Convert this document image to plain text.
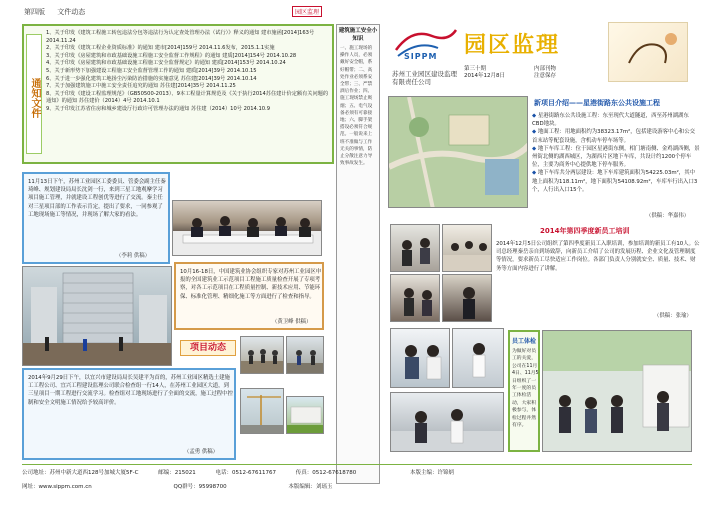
第四版 文件动态	园区监理
通知文件
1、关于印发《建筑工程施工转包违法分包等违法行为认定查处管理办法（试行）》释义的通知 建市施函[2014]163号 2014.11.24
2、关于印发《建筑工程企业资质标准》的通知 建市[2014]159号 2014.11.6发布，2015.1.1实施
3、关于印发《房屋建筑和市政基础设施工程施工安全监督工作规程》的通知 建质[2014]154号 2014.10.28
4、关于印发《房屋建筑和市政基础设施工程施工安全监督规定》的通知 建质[2014]153号 2014.10.24
5、关于新形势下加强建设工程施工安全监督管理工作的通知 建质[2014]39号 2014.10.15
6、关于进一步强化建筑工地扬尘污染防治措施的实施意见 苏住建[2014]39号 2014.10.14
7、关于加强建筑施工中施工安全责任追究的通知 苏住建[2014]35号 2014.11.25
8、关于印发《建设工程监理规范》（GB50500-2013）、9本工程量计算规范及《关于执行2014苏住建计价定额有关问题的通知》的通知 苏住建价（2014）4号 2014.10.1
9、关于印发江苏省住房和城乡建设厅行政许可管理办法的通知 苏住建（2014）10号 2014.10.9
11月13日下午，苏州工业园区工委委员、管委会副主任秦琦峰、规划建设局局长沈剑一行，来到三星工地观摩学习项目施工管理，并就建设工程创优等进行了交流。秦主任对三星项目部的工作表示肯定，提出了要求，一同参观了工地现场施工等情况，并现场了解大家的看法。
（李莉 供稿）
10月16-18日，中国建筑业协会组织专家对苏州工业园区申报的全国建筑业工示范项目工程施工质量检查开展了专项考察，对各工示范项目在工程质量控制、新技术应用、节能环保、标准化管理、精细化施工等方面进行了检查和指导。
（黄卫峰 供稿）
项目动态
2014年9月29日下午，以宜兴市建设局局长吴建平为首的，苏州工业园区精选土建施工工程公司、宜兴工程建设监理公司联合检查组一行14人，在苏州工业园区大道，到三星项目一期工程进行交流学习。检查组对工地现场进行了全面的交流，施工过程中控制和安全文明施工情况给予较高评价。
（孟勇 供稿）
建筑施工安全小知识
一、施工现场的操作人员，必须戴好安全帽，系好帽带；二、高处作业必须系安全带；三、严禁酒后作业；四、施工现场禁止吸烟；五、电气设备必须有可靠接地；六、脚手架搭设必须符合规范。一般说来上班不准做与工作无关的事情，防止分散注意力导致事故发生。
SIPPM
苏州工业园区建设监理有限责任公司
园区监理
第三十期
2014年12月8日
内部刊物
注意保存
新项目介绍——星港街路东公共设施工程
◆ 星港街路东公共设施工程：东至现代大道隧道，西至苏州湖湖东CBD地块。
◆ 地面工程：用地面积约为38323.17m²，包括建设游客中心和公交首末站等配套设施，含机动车停车场等。
◆ 地下车库工程：位于园区星港街东侧，相门塘南侧、金鸡湖西侧，景州街北侧的湖西城区，为湖西片区地下车库，共设计约1200个停车位，主要为商务中心提供地下停车服务。
◆ 地下车库共分两层建设：地下车库建筑面积为54225.03m²，其中地上面积为118.11m²，地下面积为54108.92m²，车库车行出入口3个，人行出入口15个。
（供稿：华嘉伟）
2014年第四季度新员工培训
2014年12月5日公司组织了第四季度新员工入职培训，参加培训的新员工有10人。公司总经理秦岳亲自到场致辞，向新员工介绍了公司的发展历程、企业文化及管理制度等情况，要求新员工尽快适应工作岗位。各部门负责人分别就安全、质量、技术、财务等方面内容进行了讲解。
（供稿：张瑜）
员工体检
为做好对员工的关爱，公司在11月4日、11月5日组织了一年一度的员工体检活动，大家积极参与，体检过程井然有序。
公司地址：苏州中新大道西128号加城大厦5F-C	邮编：215021	电话：0512-67611767	传真：0512-67618780	本版主编：许锦炳
网址：www.sippm.com.cn	QQ群号：95998700	本版编辑：刘瑶玉
